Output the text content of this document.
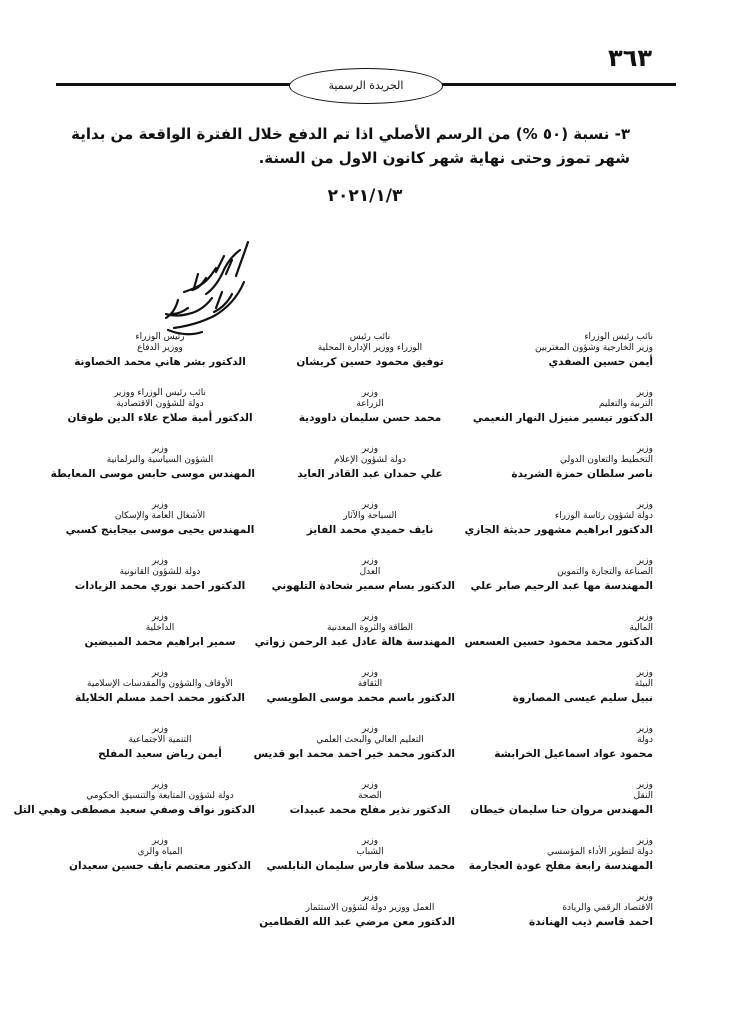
٣٦٣
الجريدة الرسمية

٣- نسبة (٥٠ %) من الرسم الأصلي اذا تم الدفع خلال الفترة الواقعة من بداية شهر تموز وحتى نهاية شهر كانون الاول من السنة.

٢٠٢١/١/٣
نائب رئيس الوزراء
وزير الخارجية وشؤون المغتربين
أيمن حسين الصفدي
نائب رئيس
الوزراء ووزير الإدارة المحلية
توفيق محمود حسين كريشان
رئيس الوزراء
ووزير الدفاع
الدكتور بشر هاني محمد الخصاونة
وزير
التربية والتعليم
الدكتور تيسير منيزل النهار النعيمي
وزير
الزراعة
محمد حسن سليمان داوودية
نائب رئيس الوزراء ووزير
دولة للشؤون الاقتصادية
الدكتور أمية صلاح علاء الدين طوقان
وزير
التخطيط والتعاون الدولي
ناصر سلطان حمزة الشريدة
وزير
دولة لشؤون الإعلام
علي حمدان عبد القادر العايد
وزير
الشؤون السياسية والبرلمانية
المهندس موسى حابس موسى المعايطة
وزير
دولة لشؤون رئاسة الوزراء
الدكتور ابراهيم مشهور حديثة الجازي
وزير
السياحة والآثار
نايف حميدي محمد الفايز
وزير
الأشغال العامة والإسكان
المهندس يحيى موسى بيجاينج كسبي
وزير
الصناعة والتجارة والتموين
المهندسة مها عبد الرحيم صابر علي
وزير
العدل
الدكتور بسام سمير شحادة التلهوني
وزير
دولة للشؤون القانونية
الدكتور احمد نوري محمد الزيادات
وزير
المالية
الدكتور محمد محمود حسين العسعس
وزير
الطاقة والثروة المعدنية
المهندسة هالة عادل عبد الرحمن زواتي
وزير
الداخلية
سمير ابراهيم محمد المبيضين
وزير
البيئة
نبيل سليم عيسى المصاروة
وزير
الثقافة
الدكتور باسم محمد موسى الطويسي
وزير
الأوقاف والشؤون والمقدسات الإسلامية
الدكتور محمد احمد مسلم الخلايلة
وزير
دولة
محمود عواد اسماعيل الخرابشة
وزير
التعليم العالي والبحث العلمي
الدكتور محمد خير احمد محمد ابو قديس
وزير
التنمية الاجتماعية
أيمن رياض سعيد المفلح
وزير
النقل
المهندس مروان حنا سليمان خيطان
وزير
الصحة
الدكتور نذير مفلح محمد عبيدات
وزير
دولة لشؤون المتابعة والتنسيق الحكومي
الدكتور نواف وصفي سعيد مصطفى وهبي التل
وزير
دولة لتطوير الأداء المؤسسي
المهندسة رابعة مفلح عودة العجارمة
وزير
الشباب
محمد سلامة فارس سليمان النابلسي
وزير
المياه والري
الدكتور معتصم نايف حسين سعيدان
وزير
الاقتصاد الرقمي والريادة
احمد قاسم ذيب الهناندة
وزير
العمل ووزير دولة لشؤون الاستثمار
الدكتور معن مرضي عبد الله القطامين
